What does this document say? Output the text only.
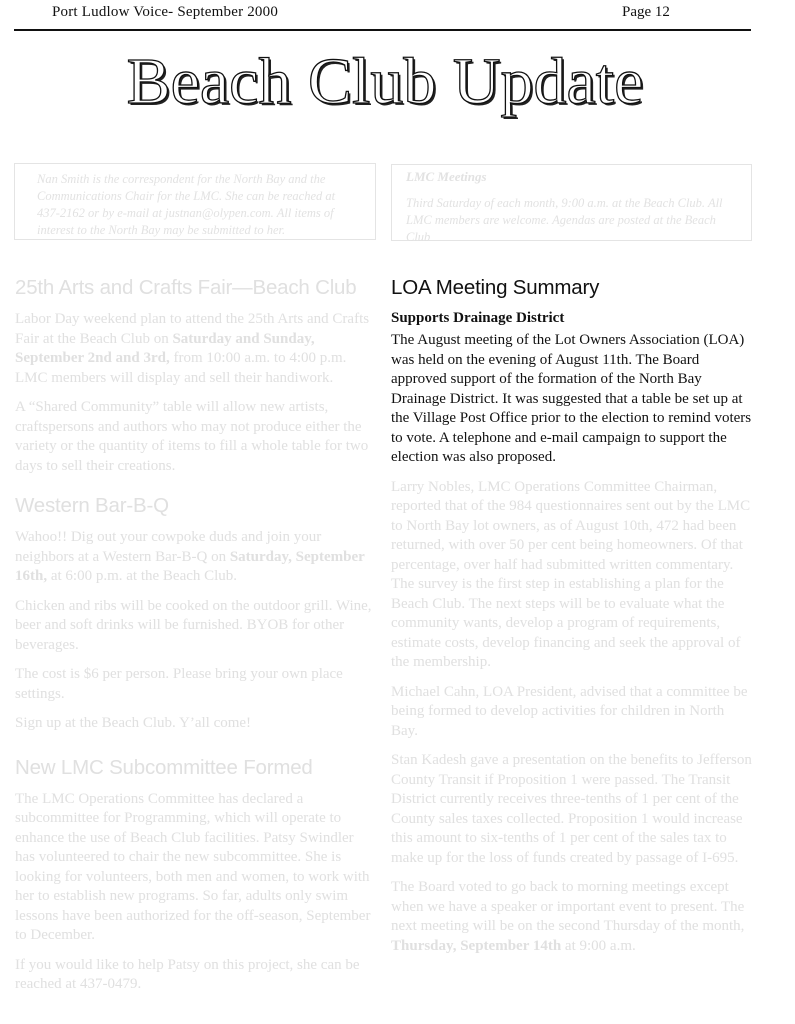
Port Ludlow Voice- September 2000	Page 12
Beach Club Update
Nan Smith is the correspondent for the North Bay and the Communications Chair for the LMC. She can be reached at 437-2162 or by e-mail at justnan@olypen.com. All items of interest to the North Bay may be submitted to her.
LMC Meetings
Third Saturday of each month, 9:00 a.m. at the Beach Club. All LMC members are welcome. Agendas are posted at the Beach Club
25th Arts and Crafts Fair—Beach Club

Labor Day weekend plan to attend the 25th Arts and Crafts Fair at the Beach Club on Saturday and Sunday, September 2nd and 3rd, from 10:00 a.m. to 4:00 p.m. LMC members will display and sell their handiwork.

A “Shared Community” table will allow new artists, craftspersons and authors who may not produce either the variety or the quantity of items to fill a whole table for two days to sell their creations.

Western Bar-B-Q

Wahoo!! Dig out your cowpoke duds and join your neighbors at a Western Bar-B-Q on Saturday, September 16th, at 6:00 p.m. at the Beach Club.

Chicken and ribs will be cooked on the outdoor grill. Wine, beer and soft drinks will be furnished. BYOB for other beverages.

The cost is $6 per person. Please bring your own place settings.

Sign up at the Beach Club. Y’all come!

New LMC Subcommittee Formed

The LMC Operations Committee has declared a subcommittee for Programming, which will operate to enhance the use of Beach Club facilities. Patsy Swindler has volunteered to chair the new subcommittee. She is looking for volunteers, both men and women, to work with her to establish new programs. So far, adults only swim lessons have been authorized for the off-season, September to December.

If you would like to help Patsy on this project, she can be reached at 437-0479.

LOA Meeting Summary
Supports Drainage District

The August meeting of the Lot Owners Association (LOA) was held on the evening of August 11th. The Board approved support of the formation of the North Bay Drainage District. It was suggested that a table be set up at the Village Post Office prior to the election to remind voters to vote. A telephone and e-mail campaign to support the election was also proposed.

Larry Nobles, LMC Operations Committee Chairman, reported that of the 984 questionnaires sent out by the LMC to North Bay lot owners, as of August 10th, 472 had been returned, with over 50 per cent being homeowners. Of that percentage, over half had submitted written commentary. The survey is the first step in establishing a plan for the Beach Club. The next steps will be to evaluate what the community wants, develop a program of requirements, estimate costs, develop financing and seek the approval of the membership.

Michael Cahn, LOA President, advised that a committee be being formed to develop activities for children in North Bay.

Stan Kadesh gave a presentation on the benefits to Jefferson County Transit if Proposition 1 were passed. The Transit District currently receives three-tenths of 1 per cent of the County sales taxes collected. Proposition 1 would increase this amount to six-tenths of 1 per cent of the sales tax to make up for the loss of funds created by passage of I-695.

The Board voted to go back to morning meetings except when we have a speaker or important event to present. The next meeting will be on the second Thursday of the month, Thursday, September 14th at 9:00 a.m.
